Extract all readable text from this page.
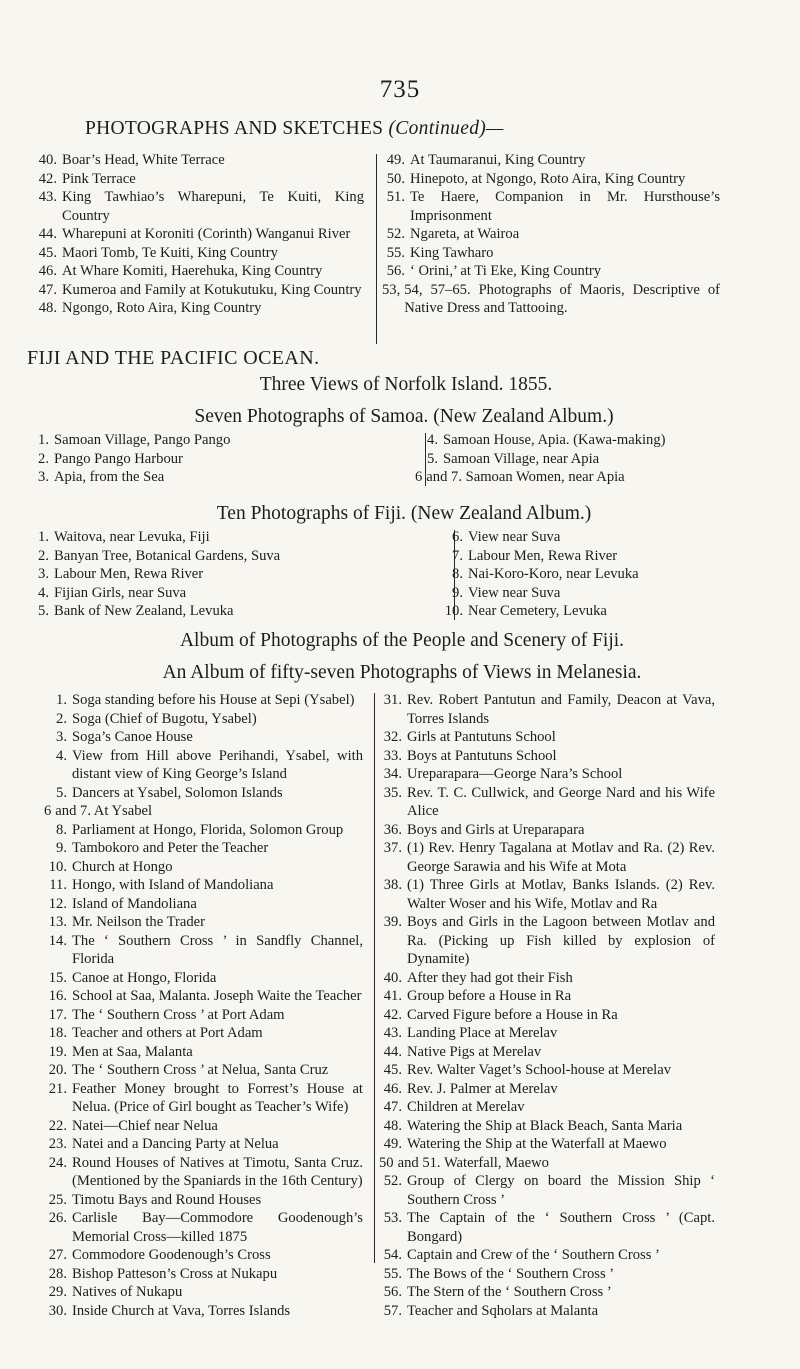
735
PHOTOGRAPHS AND SKETCHES (Continued)—
40. Boar’s Head, White Terrace
42. Pink Terrace
43. King Tawhiao’s Wharepuni, Te Kuiti, King Country
44. Wharepuni at Koroniti (Corinth) Wanganui River
45. Maori Tomb, Te Kuiti, King Country
46. At Whare Komiti, Haerehuka, King Country
47. Kumeroa and Family at Kotukutuku, King Country
48. Ngongo, Roto Aira, King Country
49. At Taumaranui, King Country
50. Hinepoto, at Ngongo, Roto Aira, King Country
51. Te Haere, Companion in Mr. Hursthouse’s Imprisonment
52. Ngareta, at Wairoa
55. King Tawharo
56. ‘ Orini,’ at Ti Eke, King Country
53, 54, 57–65. Photographs of Maoris, Descriptive of Native Dress and Tattooing.
FIJI AND THE PACIFIC OCEAN.
Three Views of Norfolk Island. 1855.
Seven Photographs of Samoa. (New Zealand Album.)
1. Samoan Village, Pango Pango
2. Pango Pango Harbour
3. Apia, from the Sea
4. Samoan House, Apia. (Kawa-making)
5. Samoan Village, near Apia
6 and 7. Samoan Women, near Apia
Ten Photographs of Fiji. (New Zealand Album.)
1. Waitova, near Levuka, Fiji
2. Banyan Tree, Botanical Gardens, Suva
3. Labour Men, Rewa River
4. Fijian Girls, near Suva
5. Bank of New Zealand, Levuka
6. View near Suva
7. Labour Men, Rewa River
8. Nai-Koro-Koro, near Levuka
9. View near Suva
10. Near Cemetery, Levuka
Album of Photographs of the People and Scenery of Fiji.
An Album of fifty-seven Photographs of Views in Melanesia.
1. Soga standing before his House at Sepi (Ysabel)
2. Soga (Chief of Bugotu, Ysabel)
3. Soga’s Canoe House
4. View from Hill above Perihandi, Ysabel, with distant view of King George’s Island
5. Dancers at Ysabel, Solomon Islands
6 and 7. At Ysabel
8. Parliament at Hongo, Florida, Solomon Group
9. Tambokoro and Peter the Teacher
10. Church at Hongo
11. Hongo, with Island of Mandoliana
12. Island of Mandoliana
13. Mr. Neilson the Trader
14. The ‘ Southern Cross ’ in Sandfly Channel, Florida
15. Canoe at Hongo, Florida
16. School at Saa, Malanta. Joseph Waite the Teacher
17. The ‘ Southern Cross ’ at Port Adam
18. Teacher and others at Port Adam
19. Men at Saa, Malanta
20. The ‘ Southern Cross ’ at Nelua, Santa Cruz
21. Feather Money brought to Forrest’s House at Nelua. (Price of Girl bought as Teacher’s Wife)
22. Natei—Chief near Nelua
23. Natei and a Dancing Party at Nelua
24. Round Houses of Natives at Timotu, Santa Cruz. (Mentioned by the Spaniards in the 16th Century)
25. Timotu Bays and Round Houses
26. Carlisle Bay—Commodore Goodenough’s Memorial Cross—killed 1875
27. Commodore Goodenough’s Cross
28. Bishop Patteson’s Cross at Nukapu
29. Natives of Nukapu
30. Inside Church at Vava, Torres Islands
31. Rev. Robert Pantutun and Family, Deacon at Vava, Torres Islands
32. Girls at Pantutuns School
33. Boys at Pantutuns School
34. Ureparapara—George Nara’s School
35. Rev. T. C. Cullwick, and George Nard and his Wife Alice
36. Boys and Girls at Ureparapara
37. (1) Rev. Henry Tagalana at Motlav and Ra. (2) Rev. George Sarawia and his Wife at Mota
38. (1) Three Girls at Motlav, Banks Islands. (2) Rev. Walter Woser and his Wife, Motlav and Ra
39. Boys and Girls in the Lagoon between Motlav and Ra. (Picking up Fish killed by explosion of Dynamite)
40. After they had got their Fish
41. Group before a House in Ra
42. Carved Figure before a House in Ra
43. Landing Place at Merelav
44. Native Pigs at Merelav
45. Rev. Walter Vaget’s School-house at Merelav
46. Rev. J. Palmer at Merelav
47. Children at Merelav
48. Watering the Ship at Black Beach, Santa Maria
49. Watering the Ship at the Waterfall at Maewo
50 and 51. Waterfall, Maewo
52. Group of Clergy on board the Mission Ship ‘ Southern Cross ’
53. The Captain of the ‘ Southern Cross ’ (Capt. Bongard)
54. Captain and Crew of the ‘ Southern Cross ’
55. The Bows of the ‘ Southern Cross ’
56. The Stern of the ‘ Southern Cross ’
57. Teacher and Sqholars at Malanta
